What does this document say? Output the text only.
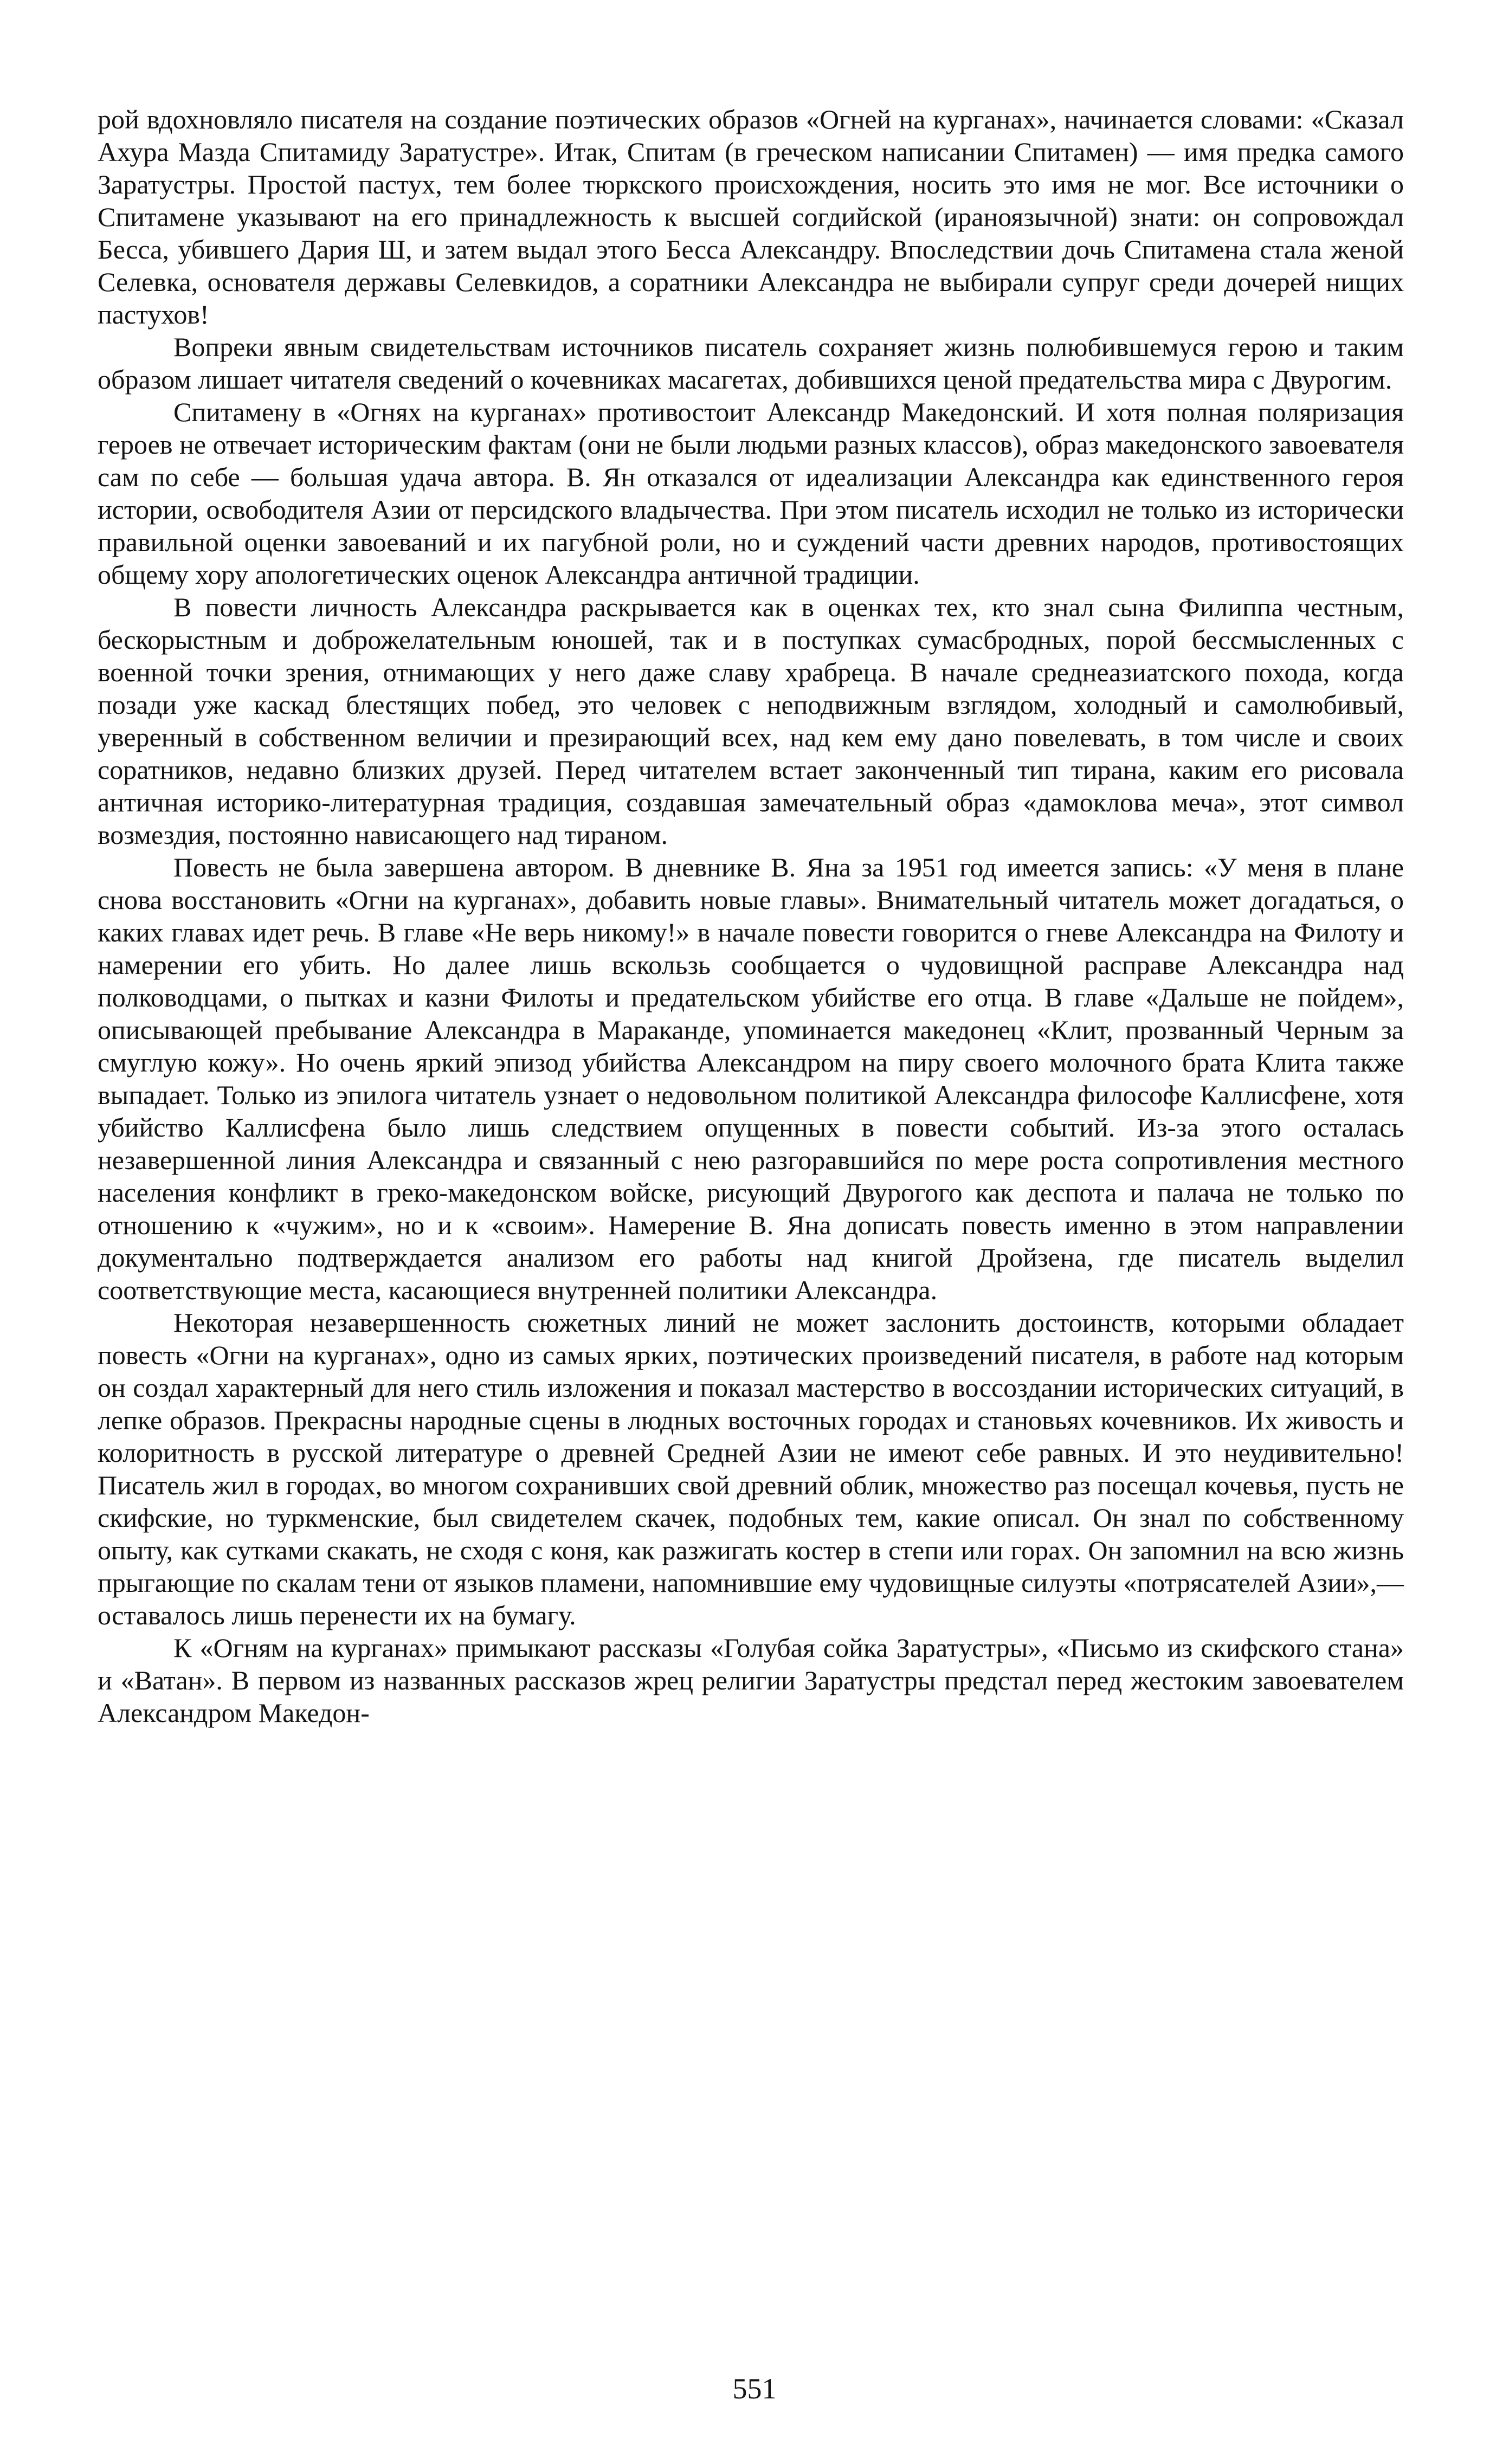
рой вдохновляло писателя на создание поэтических образов «Огней на курганах», начинается словами: «Сказал Ахура Мазда Спитамиду Заратустре». Итак, Спитам (в греческом написании Спитамен) — имя предка самого Заратустры. Простой пастух, тем более тюркского происхождения, носить это имя не мог. Все источники о Спитамене указывают на его принадлежность к высшей согдийской (ираноязычной) знати: он сопровождал Бесса, убившего Дария Ш, и затем выдал этого Бесса Александру. Впоследствии дочь Спитамена стала женой Селевка, основателя державы Селевкидов, а соратники Александра не выбирали супруг среди дочерей нищих пастухов!

Вопреки явным свидетельствам источников писатель сохраняет жизнь полюбившемуся герою и таким образом лишает читателя сведений о кочевниках масагетах, добившихся ценой предательства мира с Двурогим.

Спитамену в «Огнях на курганах» противостоит Александр Македонский. И хотя полная поляризация героев не отвечает историческим фактам (они не были людьми разных классов), образ македонского завоевателя сам по себе — большая удача автора. В. Ян отказался от идеализации Александра как единственного героя истории, освободителя Азии от персидского владычества. При этом писатель исходил не только из исторически правильной оценки завоеваний и их пагубной роли, но и суждений части древних народов, противостоящих общему хору апологетических оценок Александра античной традиции.

В повести личность Александра раскрывается как в оценках тех, кто знал сына Филиппа честным, бескорыстным и доброжелательным юношей, так и в поступках сумасбродных, порой бессмысленных с военной точки зрения, отнимающих у него даже славу храбреца. В начале среднеазиатского похода, когда позади уже каскад блестящих побед, это человек с неподвижным взглядом, холодный и самолюбивый, уверенный в собственном величии и презирающий всех, над кем ему дано повелевать, в том числе и своих соратников, недавно близких друзей. Перед читателем встает законченный тип тирана, каким его рисовала античная историко-литературная традиция, создавшая замечательный образ «дамоклова меча», этот символ возмездия, постоянно нависающего над тираном.

Повесть не была завершена автором. В дневнике В. Яна за 1951 год имеется запись: «У меня в плане снова восстановить «Огни на курганах», добавить новые главы». Внимательный читатель может догадаться, о каких главах идет речь. В главе «Не верь никому!» в начале повести говорится о гневе Александра на Филоту и намерении его убить. Но далее лишь вскользь сообщается о чудовищной расправе Александра над полководцами, о пытках и казни Филоты и предательском убийстве его отца. В главе «Дальше не пойдем», описывающей пребывание Александра в Мараканде, упоминается македонец «Клит, прозванный Черным за смуглую кожу». Но очень яркий эпизод убийства Александром на пиру своего молочного брата Клита также выпадает. Только из эпилога читатель узнает о недовольном политикой Александра философе Каллисфене, хотя убийство Каллисфена было лишь следствием опущенных в повести событий. Из-за этого осталась незавершенной линия Александра и связанный с нею разгоравшийся по мере роста сопротивления местного населения конфликт в греко-македонском войске, рисующий Двурогого как деспота и палача не только по отношению к «чужим», но и к «своим». Намерение В. Яна дописать повесть именно в этом направлении документально подтверждается анализом его работы над книгой Дройзена, где писатель выделил соответствующие места, касающиеся внутренней политики Александра.

Некоторая незавершенность сюжетных линий не может заслонить достоинств, которыми обладает повесть «Огни на курганах», одно из самых ярких, поэтических произведений писателя, в работе над которым он создал характерный для него стиль изложения и показал мастерство в воссоздании исторических ситуаций, в лепке образов. Прекрасны народные сцены в людных восточных городах и становьях кочевников. Их живость и колоритность в русской литературе о древней Средней Азии не имеют себе равных. И это неудивительно! Писатель жил в городах, во многом сохранивших свой древний облик, множество раз посещал кочевья, пусть не скифские, но туркменские, был свидетелем скачек, подобных тем, какие описал. Он знал по собственному опыту, как сутками скакать, не сходя с коня, как разжигать костер в степи или горах. Он запомнил на всю жизнь прыгающие по скалам тени от языков пламени, напомнившие ему чудовищные силуэты «потрясателей Азии»,— оставалось лишь перенести их на бумагу.

К «Огням на курганах» примыкают рассказы «Голубая сойка Заратустры», «Письмо из скифского стана» и «Ватан». В первом из названных рассказов жрец религии Заратустры предстал перед жестоким завоевателем Александром Македон-

551
